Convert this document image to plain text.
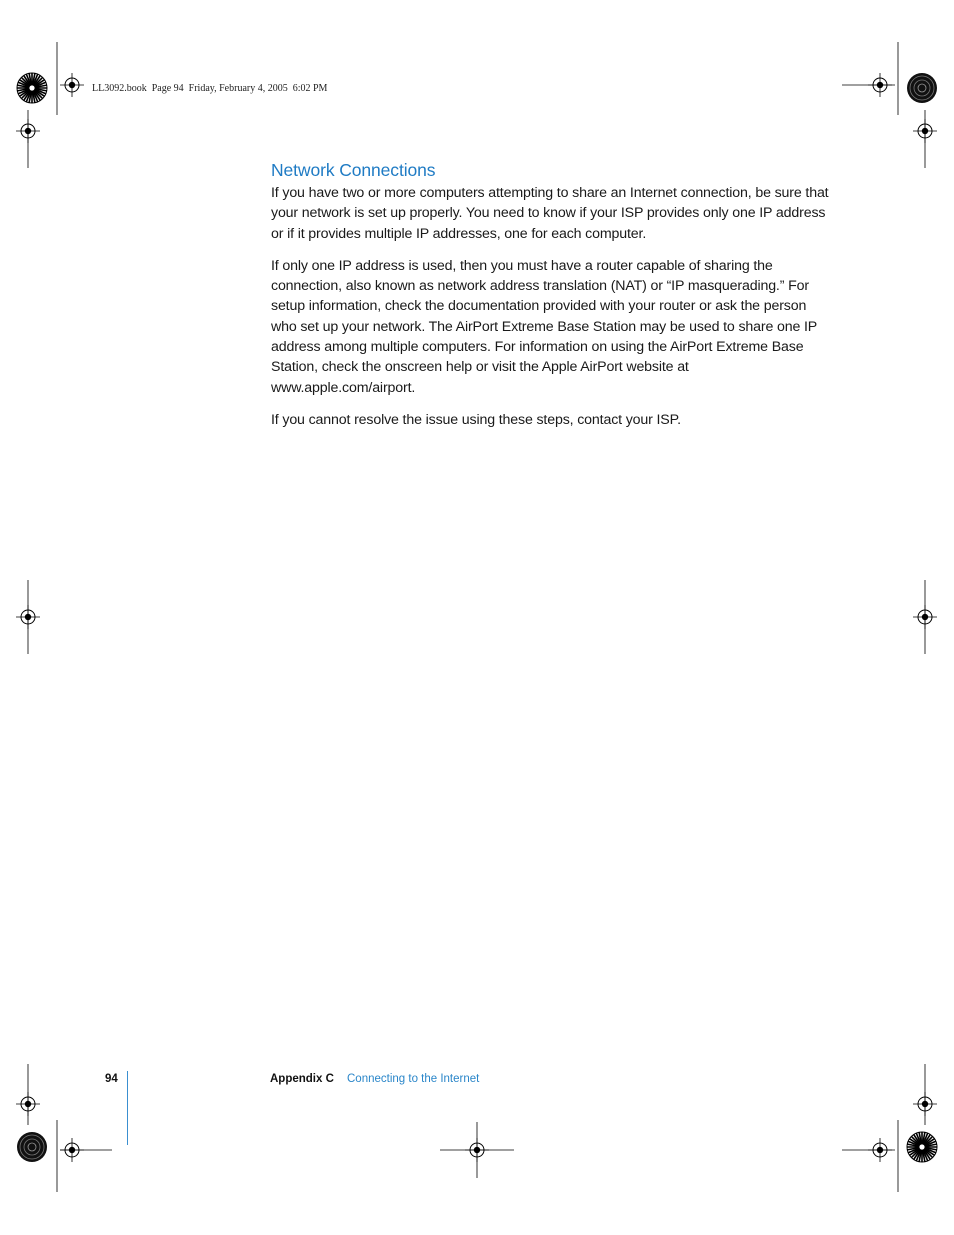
LL3092.book  Page 94  Friday, February 4, 2005  6:02 PM
Network Connections

If you have two or more computers attempting to share an Internet connection, be sure that your network is set up properly. You need to know if your ISP provides only one IP address or if it provides multiple IP addresses, one for each computer.

If only one IP address is used, then you must have a router capable of sharing the connection, also known as network address translation (NAT) or “IP masquerading.” For setup information, check the documentation provided with your router or ask the person who set up your network. The AirPort Extreme Base Station may be used to share one IP address among multiple computers. For information on using the AirPort Extreme Base Station, check the onscreen help or visit the Apple AirPort website at www.apple.com/airport.

If you cannot resolve the issue using these steps, contact your ISP.

94	Appendix C Connecting to the Internet
